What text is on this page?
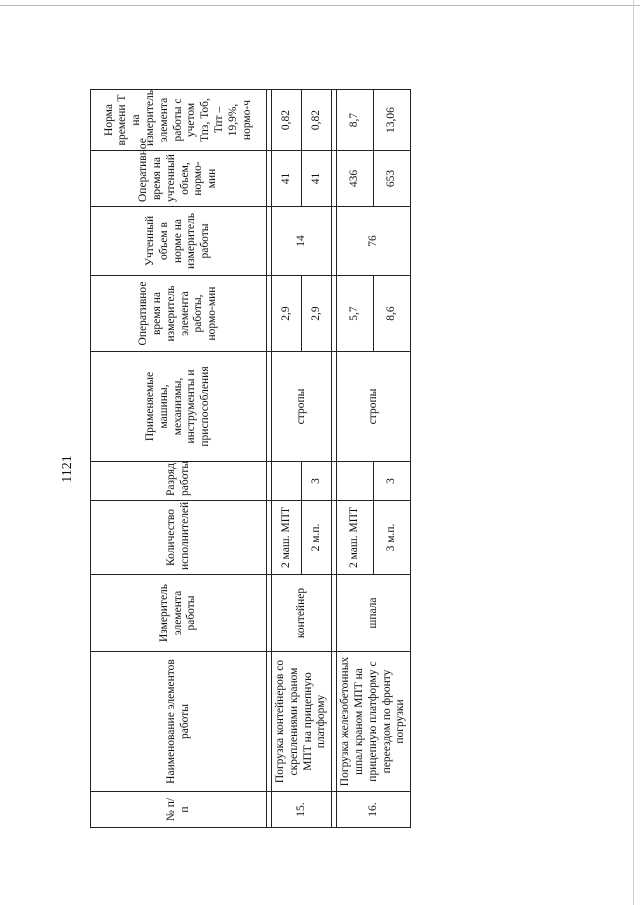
1121
№ п/п	Наименование элементов работы	Измеритель элемента работы	Количество исполнителей	Разряд работы	Применяемые машины, механизмы, инструменты и приспособления	Оперативное время на измеритель элемента работы, нормо-мин	Учтенный объем в норме на измеритель работы	Оперативное время на учтенный объем, нормо-мин	Норма времени Т на измеритель элемента работы с учетом Тпз, Тоб, Тпт – 19,9%, нормо-ч

15.	Погрузка контейнеров со скреплениями краном МПТ на прицепную платформу	контейнер	2 маш. МПТ		стропы	2,9	14	41	0,82
			2 м.п.	3		2,9		41	0,82

16.	Погрузка железобетонных шпал краном МПТ на прицепную платформу с переездом по фронту погрузки	шпала	2 маш. МПТ		стропы	5,7	76	436	8,7
			3 м.п.	3		8,6		653	13,06
